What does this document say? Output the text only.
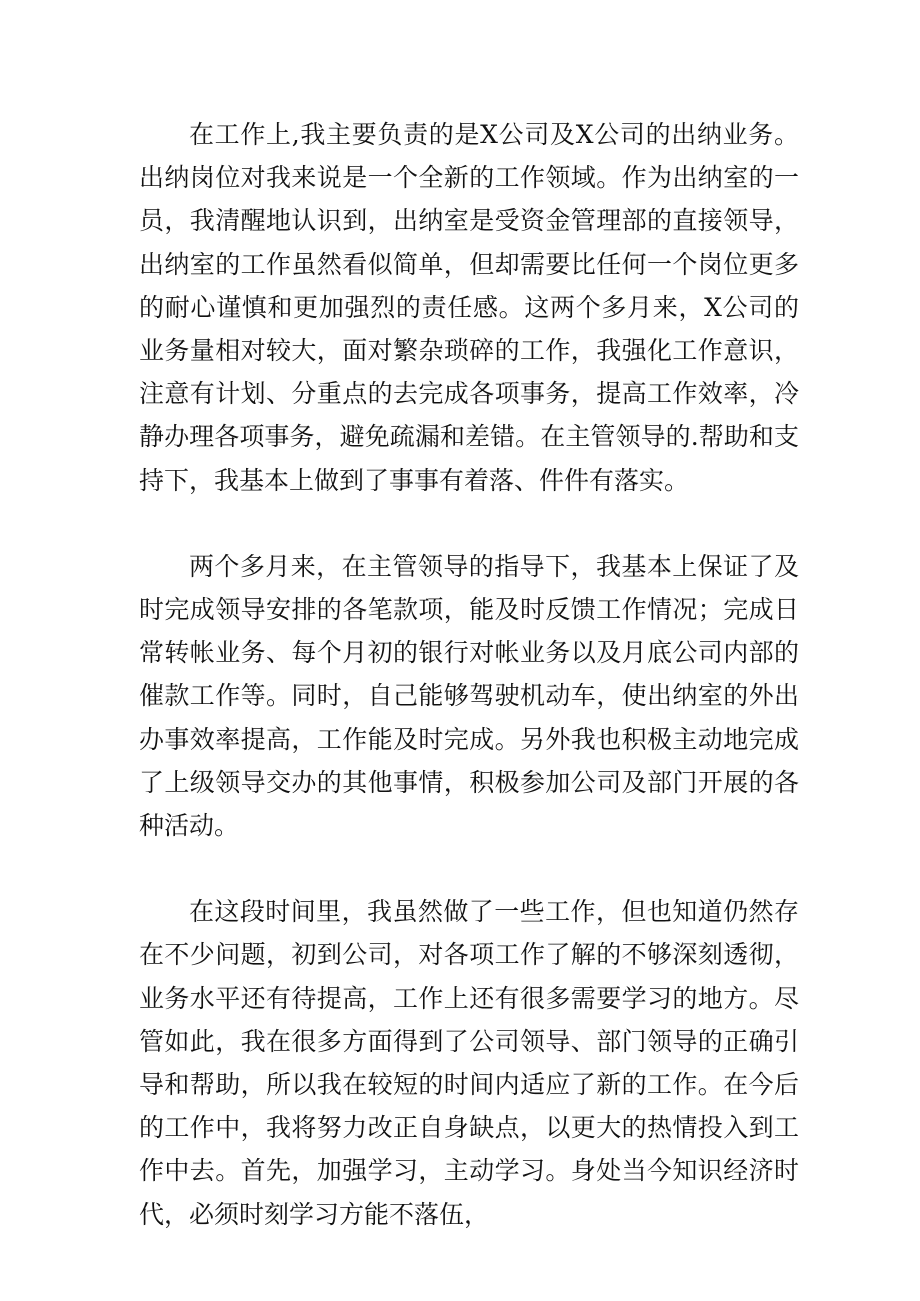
在工作上,我主要负责的是X公司及X公司的出纳业务。出纳岗位对我来说是一个全新的工作领域。作为出纳室的一员，我清醒地认识到，出纳室是受资金管理部的直接领导，出纳室的工作虽然看似简单，但却需要比任何一个岗位更多的耐心谨慎和更加强烈的责任感。这两个多月来，X公司的业务量相对较大，面对繁杂琐碎的工作，我强化工作意识，注意有计划、分重点的去完成各项事务，提高工作效率，冷静办理各项事务，避免疏漏和差错。在主管领导的.帮助和支持下，我基本上做到了事事有着落、件件有落实。

两个多月来，在主管领导的指导下，我基本上保证了及时完成领导安排的各笔款项，能及时反馈工作情况；完成日常转帐业务、每个月初的银行对帐业务以及月底公司内部的催款工作等。同时，自己能够驾驶机动车，使出纳室的外出办事效率提高，工作能及时完成。另外我也积极主动地完成了上级领导交办的其他事情，积极参加公司及部门开展的各种活动。

在这段时间里，我虽然做了一些工作，但也知道仍然存在不少问题，初到公司，对各项工作了解的不够深刻透彻，业务水平还有待提高，工作上还有很多需要学习的地方。尽管如此，我在很多方面得到了公司领导、部门领导的正确引导和帮助，所以我在较短的时间内适应了新的工作。在今后的工作中，我将努力改正自身缺点，以更大的热情投入到工作中去。首先，加强学习，主动学习。身处当今知识经济时代，必须时刻学习方能不落伍，
